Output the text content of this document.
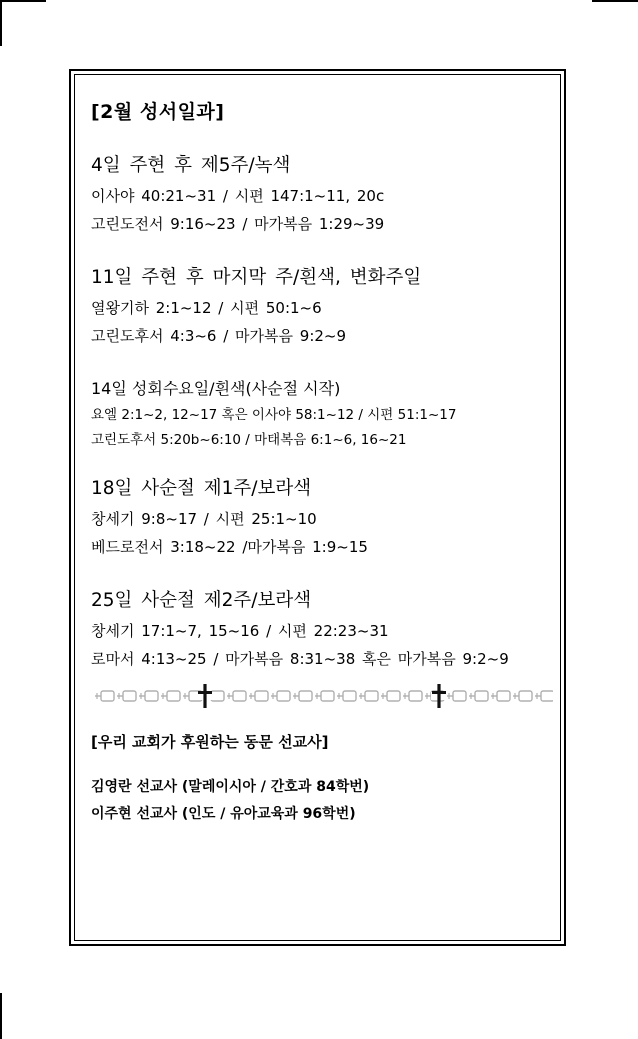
[2월 성서일과]
4일 주현 후 제5주/녹색
이사야 40:21~31 / 시편 147:1~11, 20c
고린도전서 9:16~23 / 마가복음 1:29~39
11일 주현 후 마지막 주/흰색, 변화주일
열왕기하 2:1~12 / 시편 50:1~6
고린도후서 4:3~6 / 마가복음 9:2~9
14일 성회수요일/흰색(사순절 시작)
요엘 2:1~2, 12~17 혹은 이사야 58:1~12 / 시편 51:1~17
고린도후서 5:20b~6:10 / 마태복음 6:1~6, 16~21
18일 사순절 제1주/보라색
창세기 9:8~17 / 시편 25:1~10
베드로전서 3:18~22 /마가복음 1:9~15
25일 사순절 제2주/보라색
창세기 17:1~7, 15~16 / 시편 22:23~31
로마서 4:13~25 / 마가복음 8:31~38 혹은 마가복음 9:2~9
[우리 교회가 후원하는 동문 선교사]
김영란 선교사 (말레이시아 / 간호과 84학번)
이주현 선교사 (인도 / 유아교육과 96학번)
